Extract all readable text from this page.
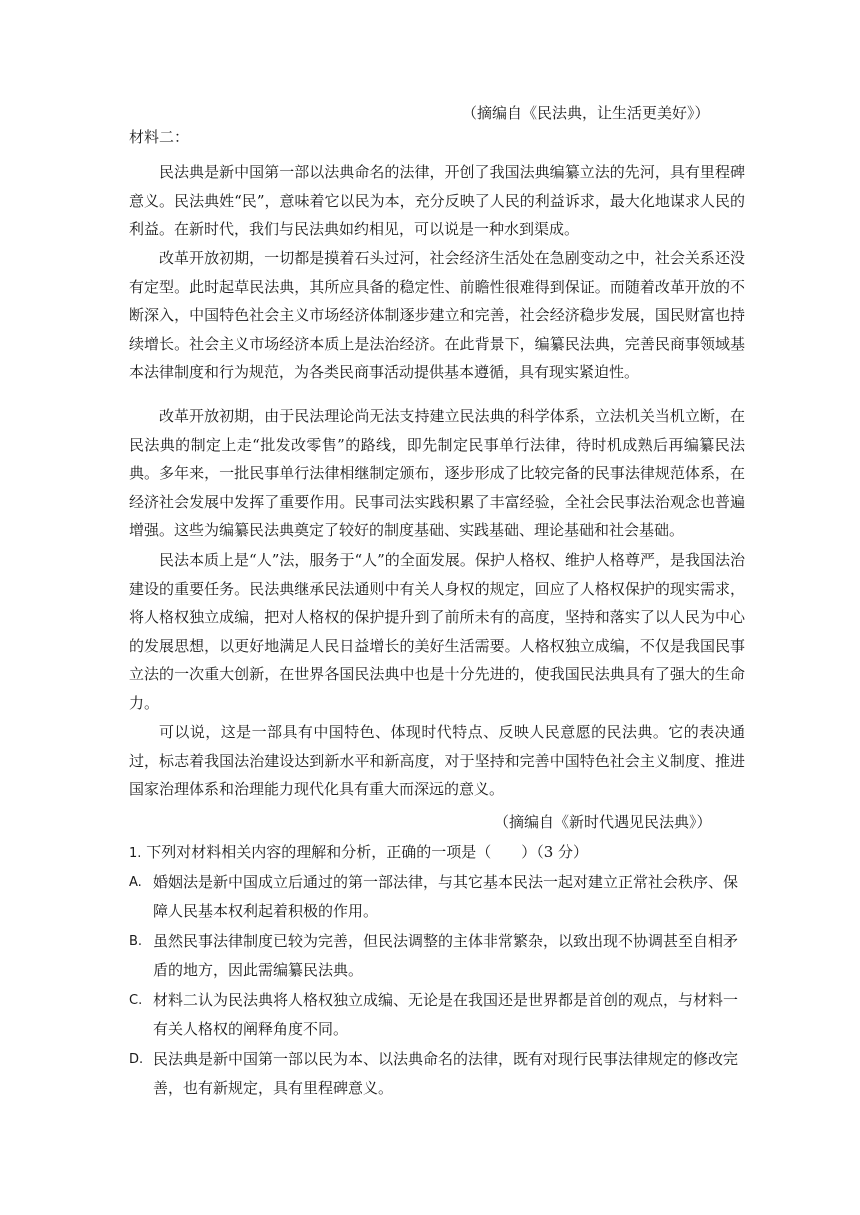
（摘编自《民法典，让生活更美好》）
材料二：

民法典是新中国第一部以法典命名的法律，开创了我国法典编纂立法的先河，具有里程碑意义。民法典姓“民”，意味着它以民为本，充分反映了人民的利益诉求，最大化地谋求人民的利益。在新时代，我们与民法典如约相见，可以说是一种水到渠成。

改革开放初期，一切都是摸着石头过河，社会经济生活处在急剧变动之中，社会关系还没有定型。此时起草民法典，其所应具备的稳定性、前瞻性很难得到保证。而随着改革开放的不断深入，中国特色社会主义市场经济体制逐步建立和完善，社会经济稳步发展，国民财富也持续增长。社会主义市场经济本质上是法治经济。在此背景下，编纂民法典，完善民商事领域基本法律制度和行为规范，为各类民商事活动提供基本遵循，具有现实紧迫性。

改革开放初期，由于民法理论尚无法支持建立民法典的科学体系，立法机关当机立断，在民法典的制定上走“批发改零售”的路线，即先制定民事单行法律，待时机成熟后再编纂民法典。多年来，一批民事单行法律相继制定颁布，逐步形成了比较完备的民事法律规范体系，在经济社会发展中发挥了重要作用。民事司法实践积累了丰富经验，全社会民事法治观念也普遍增强。这些为编纂民法典奠定了较好的制度基础、实践基础、理论基础和社会基础。

民法本质上是“人”法，服务于“人”的全面发展。保护人格权、维护人格尊严，是我国法治建设的重要任务。民法典继承民法通则中有关人身权的规定，回应了人格权保护的现实需求，将人格权独立成编，把对人格权的保护提升到了前所未有的高度，坚持和落实了以人民为中心的发展思想，以更好地满足人民日益增长的美好生活需要。人格权独立成编，不仅是我国民事立法的一次重大创新，在世界各国民法典中也是十分先进的，使我国民法典具有了强大的生命力。

可以说，这是一部具有中国特色、体现时代特点、反映人民意愿的民法典。它的表决通过，标志着我国法治建设达到新水平和新高度，对于坚持和完善中国特色社会主义制度、推进国家治理体系和治理能力现代化具有重大而深远的意义。

（摘编自《新时代遇见民法典》）

1. 下列对材料相关内容的理解和分析，正确的一项是（　　）（3 分）

A. 婚姻法是新中国成立后通过的第一部法律，与其它基本民法一起对建立正常社会秩序、保障人民基本权利起着积极的作用。
B. 虽然民事法律制度已较为完善，但民法调整的主体非常繁杂，以致出现不协调甚至自相矛盾的地方，因此需编纂民法典。
C. 材料二认为民法典将人格权独立成编、无论是在我国还是世界都是首创的观点，与材料一有关人格权的阐释角度不同。
D. 民法典是新中国第一部以民为本、以法典命名的法律，既有对现行民事法律规定的修改完善，也有新规定，具有里程碑意义。
